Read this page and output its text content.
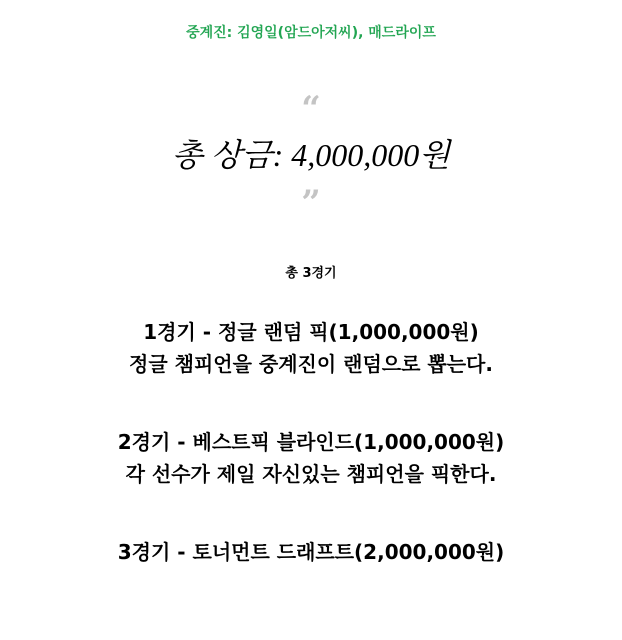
중계진: 김영일(암드아저씨), 매드라이프
“
총 상금: 4,000,000원
”
총 3경기

1경기 - 정글 랜덤 픽(1,000,000원)

정글 챔피언을 중계진이 랜덤으로 뽑는다.

2경기 - 베스트픽 블라인드(1,000,000원)

각 선수가 제일 자신있는 챔피언을 픽한다.

3경기 - 토너먼트 드래프트(2,000,000원)
